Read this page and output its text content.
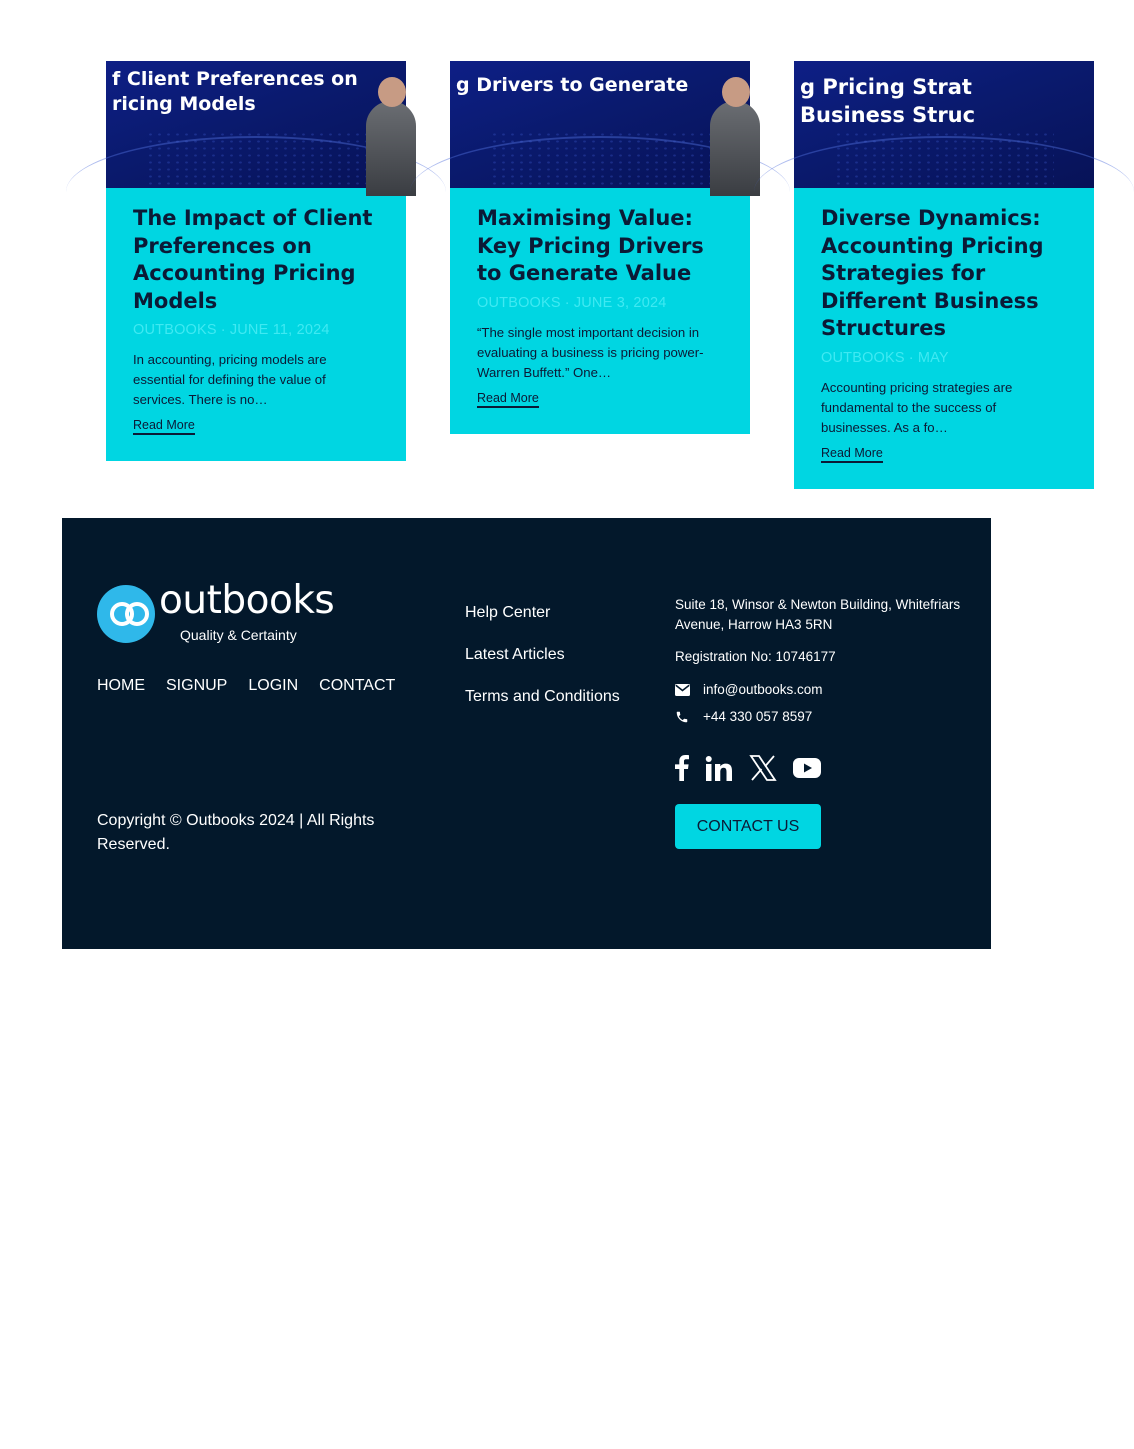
f Client Preferences on
ricing Models
The Impact of Client Preferences on Accounting Pricing Models
OUTBOOKS · JUNE 11, 2024
In accounting, pricing models are essential for defining the value of services. There is no…
Read More
g Drivers to Generate
Maximising Value: Key Pricing Drivers to Generate Value
OUTBOOKS · JUNE 3, 2024
“The single most important decision in evaluating a business is pricing power- Warren Buffett.” One…
Read More
g Pricing Strat
Business Struc
Diverse Dynamics: Accounting Pricing Strategies for Different Business Structures
OUTBOOKS · MAY
Accounting pricing strategies are fundamental to the success of businesses. As a fo…
Read More
outbooks
Quality & Certainty
HOME SIGNUP LOGIN CONTACT
Copyright © Outbooks 2024 | All Rights Reserved.
Help Center
Latest Articles
Terms and Conditions
Suite 18, Winsor & Newton Building, Whitefriars Avenue, Harrow HA3 5RN
Registration No: 10746177
info@outbooks.com
+44 330 057 8597
CONTACT US
